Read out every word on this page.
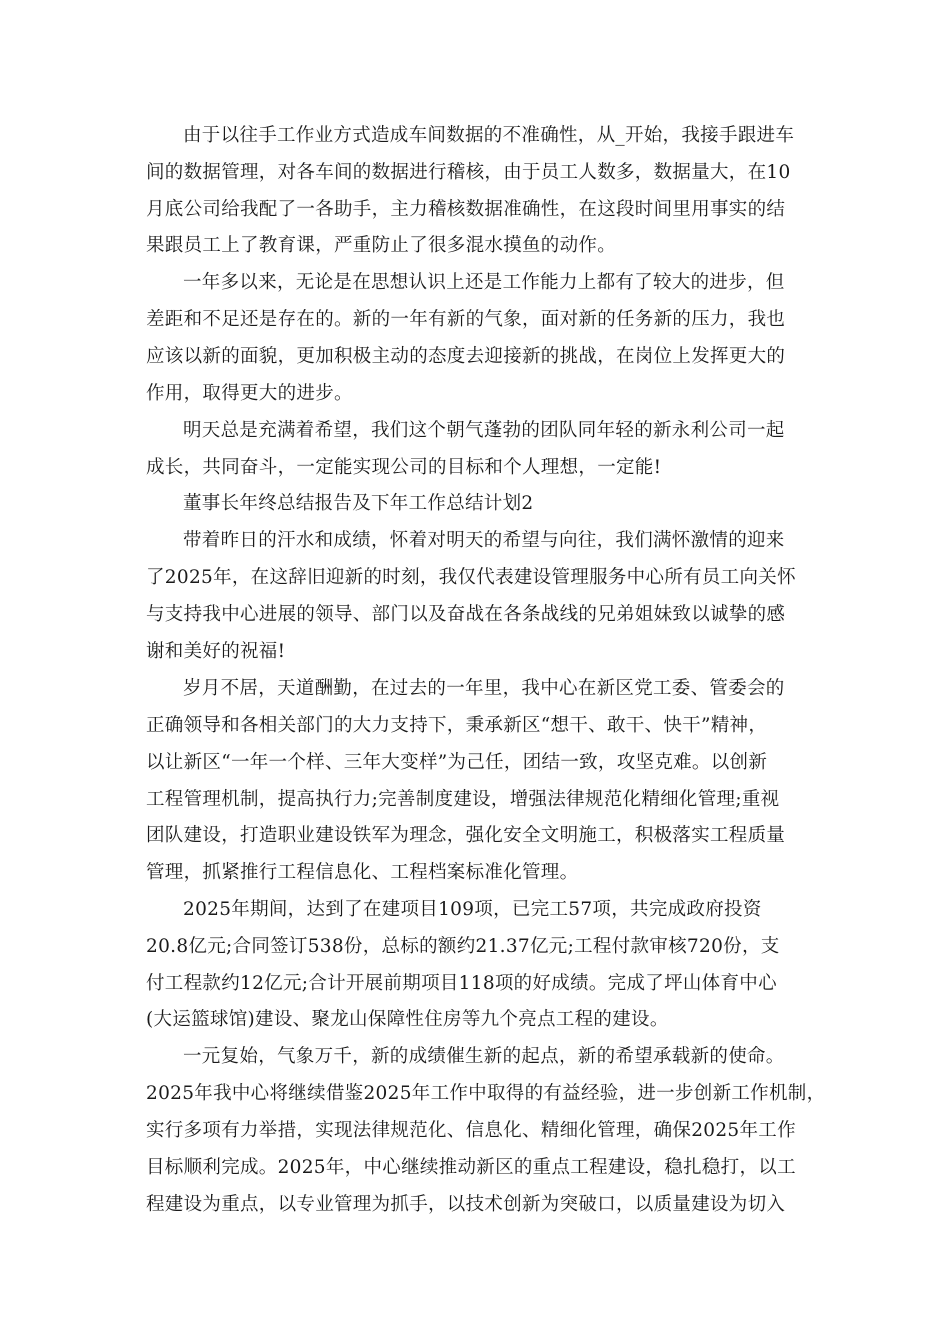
由于以往手工作业方式造成车间数据的不准确性，从_开始，我接手跟进车
间的数据管理，对各车间的数据进行稽核，由于员工人数多，数据量大，在10
月底公司给我配了一各助手，主力稽核数据准确性，在这段时间里用事实的结
果跟员工上了教育课，严重防止了很多混水摸鱼的动作。
一年多以来，无论是在思想认识上还是工作能力上都有了较大的进步，但
差距和不足还是存在的。新的一年有新的气象，面对新的任务新的压力，我也
应该以新的面貌，更加积极主动的态度去迎接新的挑战，在岗位上发挥更大的
作用，取得更大的进步。
明天总是充满着希望，我们这个朝气蓬勃的团队同年轻的新永利公司一起
成长，共同奋斗，一定能实现公司的目标和个人理想，一定能!
董事长年终总结报告及下年工作总结计划2
带着昨日的汗水和成绩，怀着对明天的希望与向往，我们满怀激情的迎来
了2025年，在这辞旧迎新的时刻，我仅代表建设管理服务中心所有员工向关怀
与支持我中心进展的领导、部门以及奋战在各条战线的兄弟姐妹致以诚挚的感
谢和美好的祝福!
岁月不居，天道酬勤，在过去的一年里，我中心在新区党工委、管委会的
正确领导和各相关部门的大力支持下，秉承新区“想干、敢干、快干”精神，
以让新区“一年一个样、三年大变样”为己任，团结一致，攻坚克难。以创新
工程管理机制，提高执行力;完善制度建设，增强法律规范化精细化管理;重视
团队建设，打造职业建设铁军为理念，强化安全文明施工，积极落实工程质量
管理，抓紧推行工程信息化、工程档案标准化管理。
2025年期间，达到了在建项目109项，已完工57项，共完成政府投资
20.8亿元;合同签订538份，总标的额约21.37亿元;工程付款审核720份，支
付工程款约12亿元;合计开展前期项目118项的好成绩。完成了坪山体育中心
(大运篮球馆)建设、聚龙山保障性住房等九个亮点工程的建设。
一元复始，气象万千，新的成绩催生新的起点，新的希望承载新的使命。
2025年我中心将继续借鉴2025年工作中取得的有益经验，进一步创新工作机制，
实行多项有力举措，实现法律规范化、信息化、精细化管理，确保2025年工作
目标顺利完成。2025年，中心继续推动新区的重点工程建设，稳扎稳打，以工
程建设为重点，以专业管理为抓手，以技术创新为突破口，以质量建设为切入
